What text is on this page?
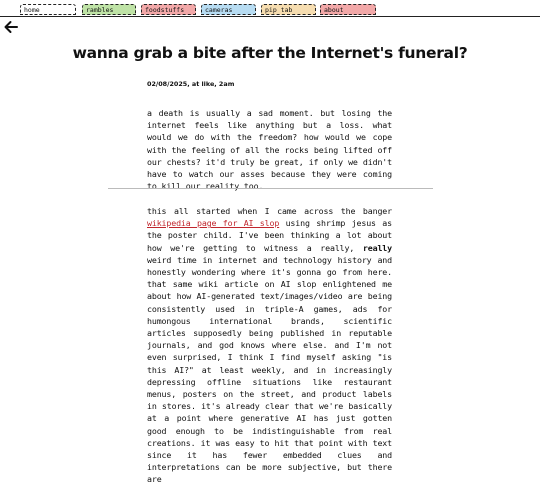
home	rambles	foodstuffs	cameras	pip tab	about
wanna grab a bite after the Internet's funeral?
02/08/2025, at like, 2am

a death is usually a sad moment. but losing the internet feels like anything but a loss. what would we do with the freedom? how would we cope with the feeling of all the rocks being lifted off our chests? it'd truly be great, if only we didn't have to watch our asses because they were coming to kill our reality too.

this all started when I came across the banger wikipedia page for AI slop using shrimp jesus as the poster child. I've been thinking a lot about how we're getting to witness a really, really weird time in internet and technology history and honestly wondering where it's gonna go from here. that same wiki article on AI slop enlightened me about how AI-generated text/images/video are being consistently used in triple-A games, ads for humongous international brands, scientific articles supposedly being published in reputable journals, and god knows where else. and I'm not even surprised, I think I find myself asking "is this AI?" at least weekly, and in increasingly depressing offline situations like restaurant menus, posters on the street, and product labels in stores. it's already clear that we're basically at a point where generative AI has just gotten good enough to be indistinguishable from real creations. it was easy to hit that point with text since it has fewer embedded clues and interpretations can be more subjective, but there are
